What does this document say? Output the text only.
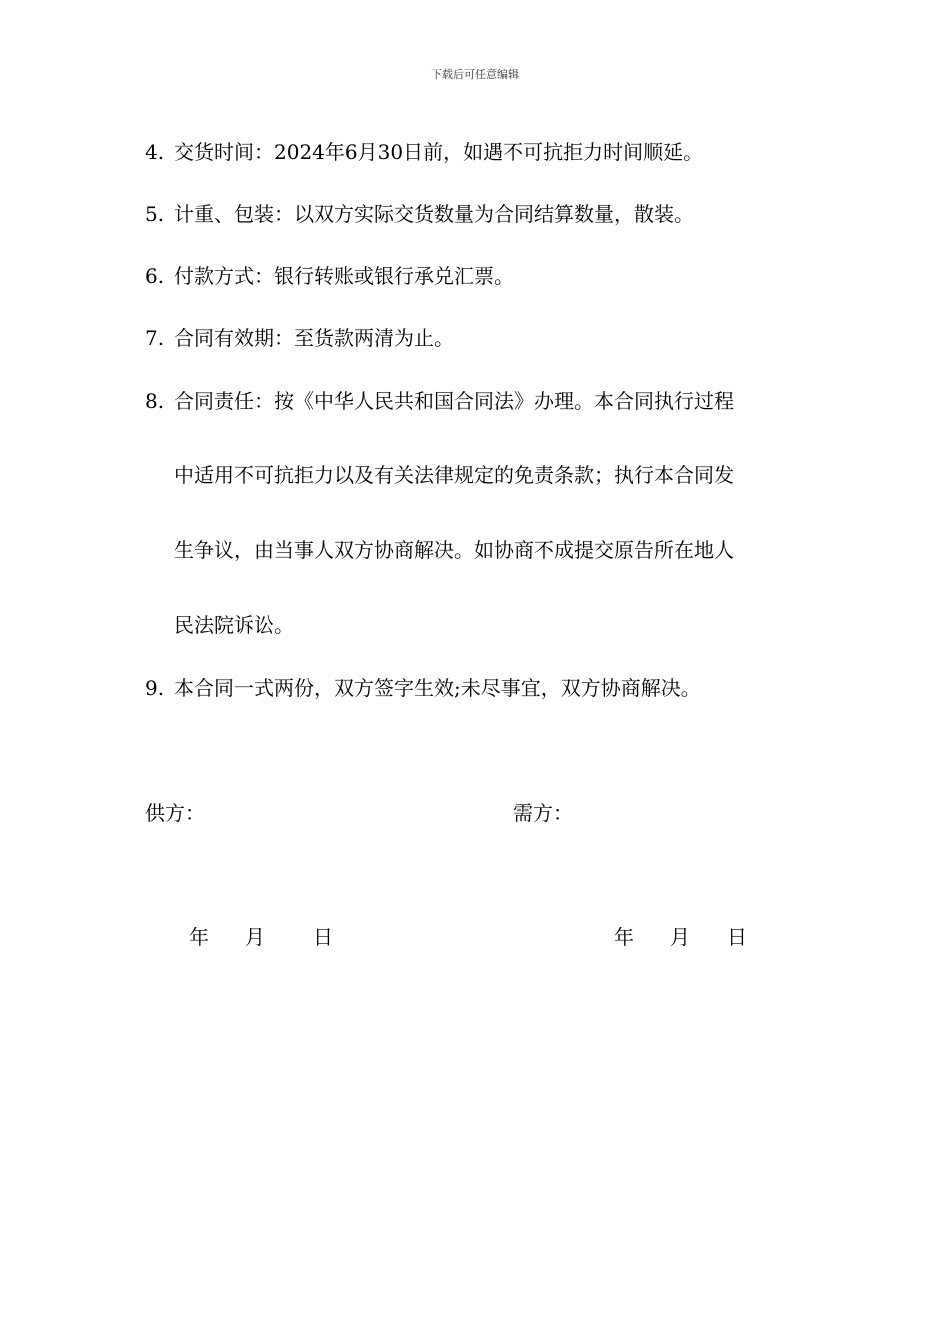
下载后可任意编辑
4. 交货时间：2024年6月30日前，如遇不可抗拒力时间顺延。
5. 计重、包装：以双方实际交货数量为合同结算数量，散装。
6. 付款方式：银行转账或银行承兑汇票。
7. 合同有效期：至货款两清为止。
8. 合同责任：按《中华人民共和国合同法》办理。本合同执行过程
中适用不可抗拒力以及有关法律规定的免责条款；执行本合同发
生争议，由当事人双方协商解决。如协商不成提交原告所在地人
民法院诉讼。
9. 本合同一式两份，双方签字生效;未尽事宜，双方协商解决。
供方：	需方：
年 月 日	年 月 日
